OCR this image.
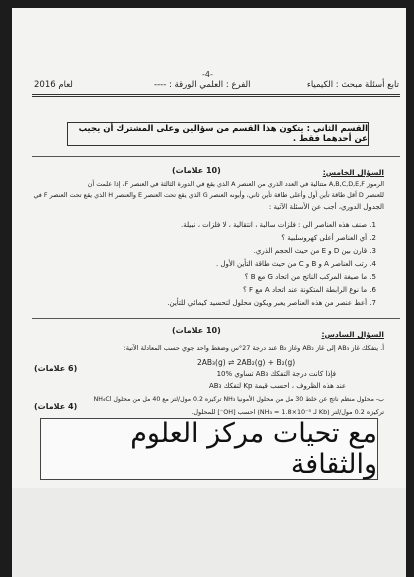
-4-
تابع أسئلة مبحث : الكيمياء
الفرع : العلمي الورقة : ----
لعام 2016
القسم الثاني : يتكون هذا القسم من سؤالين وعلى المشترك أن يجيب عن أحدهما فقط .
السؤال الخامس:
(10 علامات)
الرموز A,B,C,D,E,F متتالية في العدد الذري من العنصر A الذي يقع في الدورة الثالثة في العنصر F، إذا علمت أن
للعنصر D أقل طاقة تأين أول وأعلى طاقة تأين ثاني، وأيونه العنصر G الذي يقع تحت العنصر E والعنصر H الذي يقع تحت العنصر F في
الجدول الدوري، أجب عن الأسئلة الآتية :
1. صنف هذه العناصر الى : فلزات سالبة ، انتقالية ، لا فلزات ، نبيلة.
2. أي العناصر أعلى كهروسلبية ؟
3. قارن بين D و E من حيث الحجم الذري.
4. رتب العناصر A و B و C من حيث طاقة التأين الأول .
5. ما صيغة المركب الناتج من اتحاد G مع B ؟
6. ما نوع الرابطة المتكونة عند اتحاد A مع F ؟
7. أعط عنصر من هذه العناصر يعبر ويكون محلول لتحسيد كيمائي للتأين.
السؤال السادس:
(10 علامات)
أ. يتفكك غاز AB₃ إلى غاز AB₂ وغاز B₂ عند درجة 27°س وضغط واحد جوي حسب المعادلة الآتية:
2AB₃(g) ⇌ 2AB₂(g) + B₂(g)
فإذا كانت درجة التفكك AB₃ تساوي %10
(6 علامات)
عند هذه الظروف ، احسب قيمة Kp لتفكك AB₃
ب- محلول منظم ناتج عن خلط 30 مل من محلول الأمونيا NH₃ تركيزه 0.2 مول/لتر مع 40 مل من محلول NH₄Cl
تركيزه 0.2 مول/لتر (Kb لـ NH₃ = 1.8×10⁻⁵) احسب [OH⁻] للمحلول.
(4 علامات)
مع تحيات مركز العلوم والثقافة
